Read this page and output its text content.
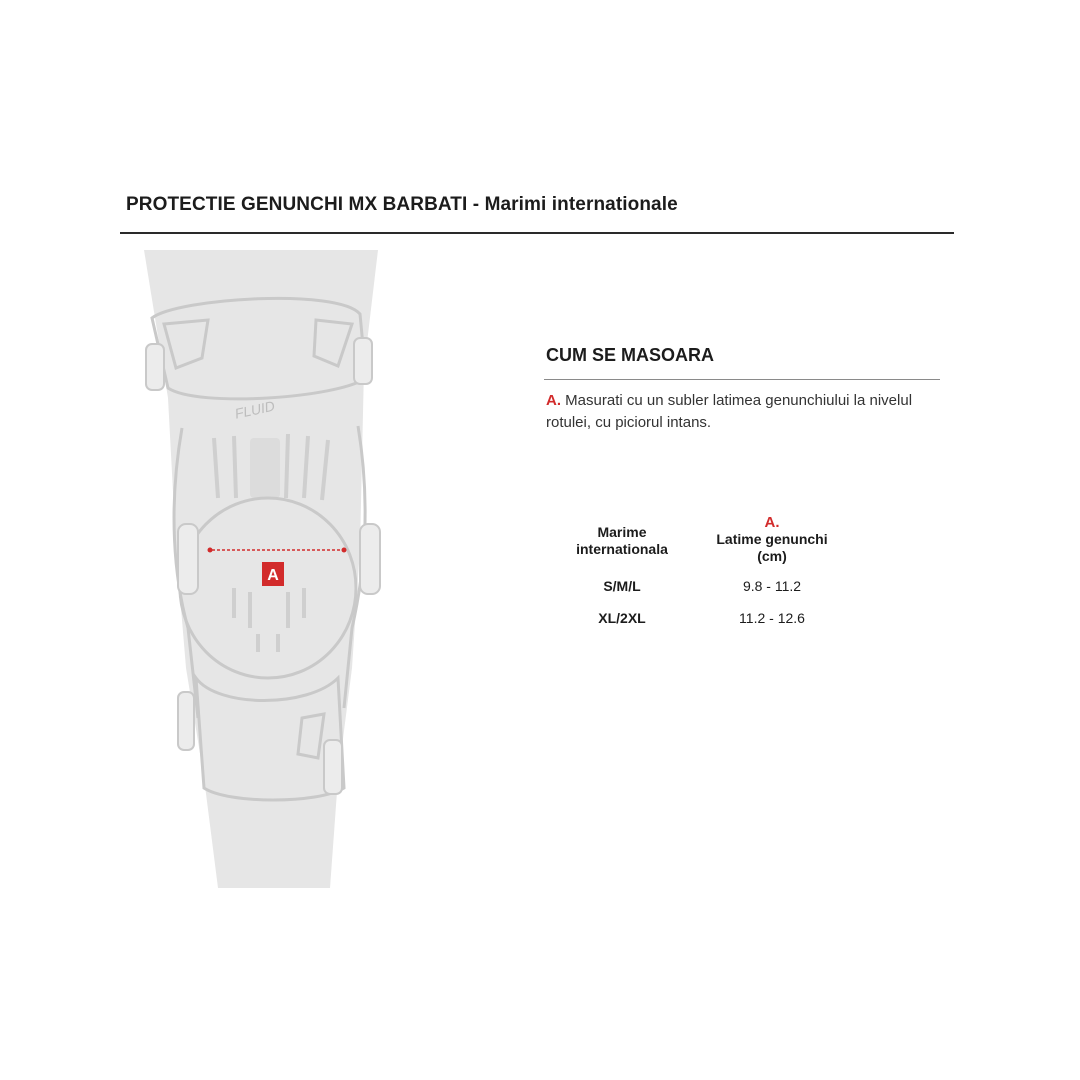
PROTECTIE GENUNCHI MX BARBATI - Marimi internationale
FLUID
A
CUM SE MASOARA
A. Masurati cu un subler latimea genunchiului la nivelul rotulei, cu piciorul intans.
Marime internationala
A.
Latime genunchi (cm)
S/M/L	9.8 - 11.2
XL/2XL	11.2 - 12.6
